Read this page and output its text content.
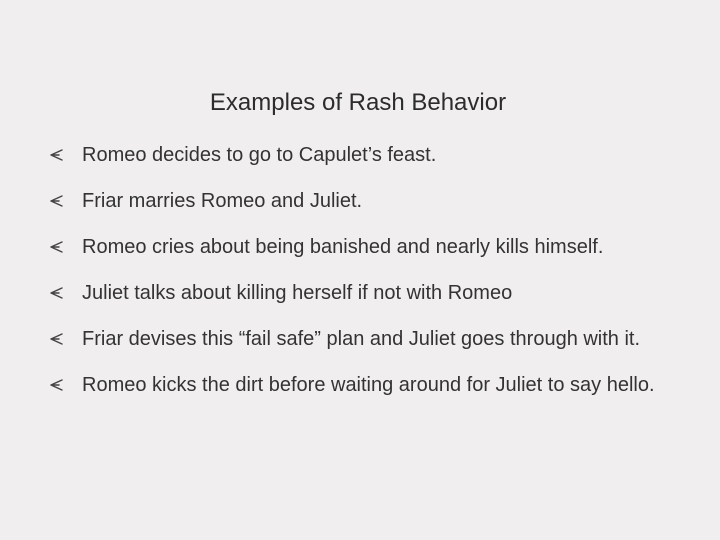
Examples of Rash Behavior
Romeo decides to go to Capulet’s feast.
Friar marries Romeo and Juliet.
Romeo cries about being banished and nearly kills himself.
Juliet talks about killing herself if not with Romeo
Friar devises this “fail safe” plan and Juliet goes through with it.
Romeo kicks the dirt before waiting around for Juliet to say hello.
